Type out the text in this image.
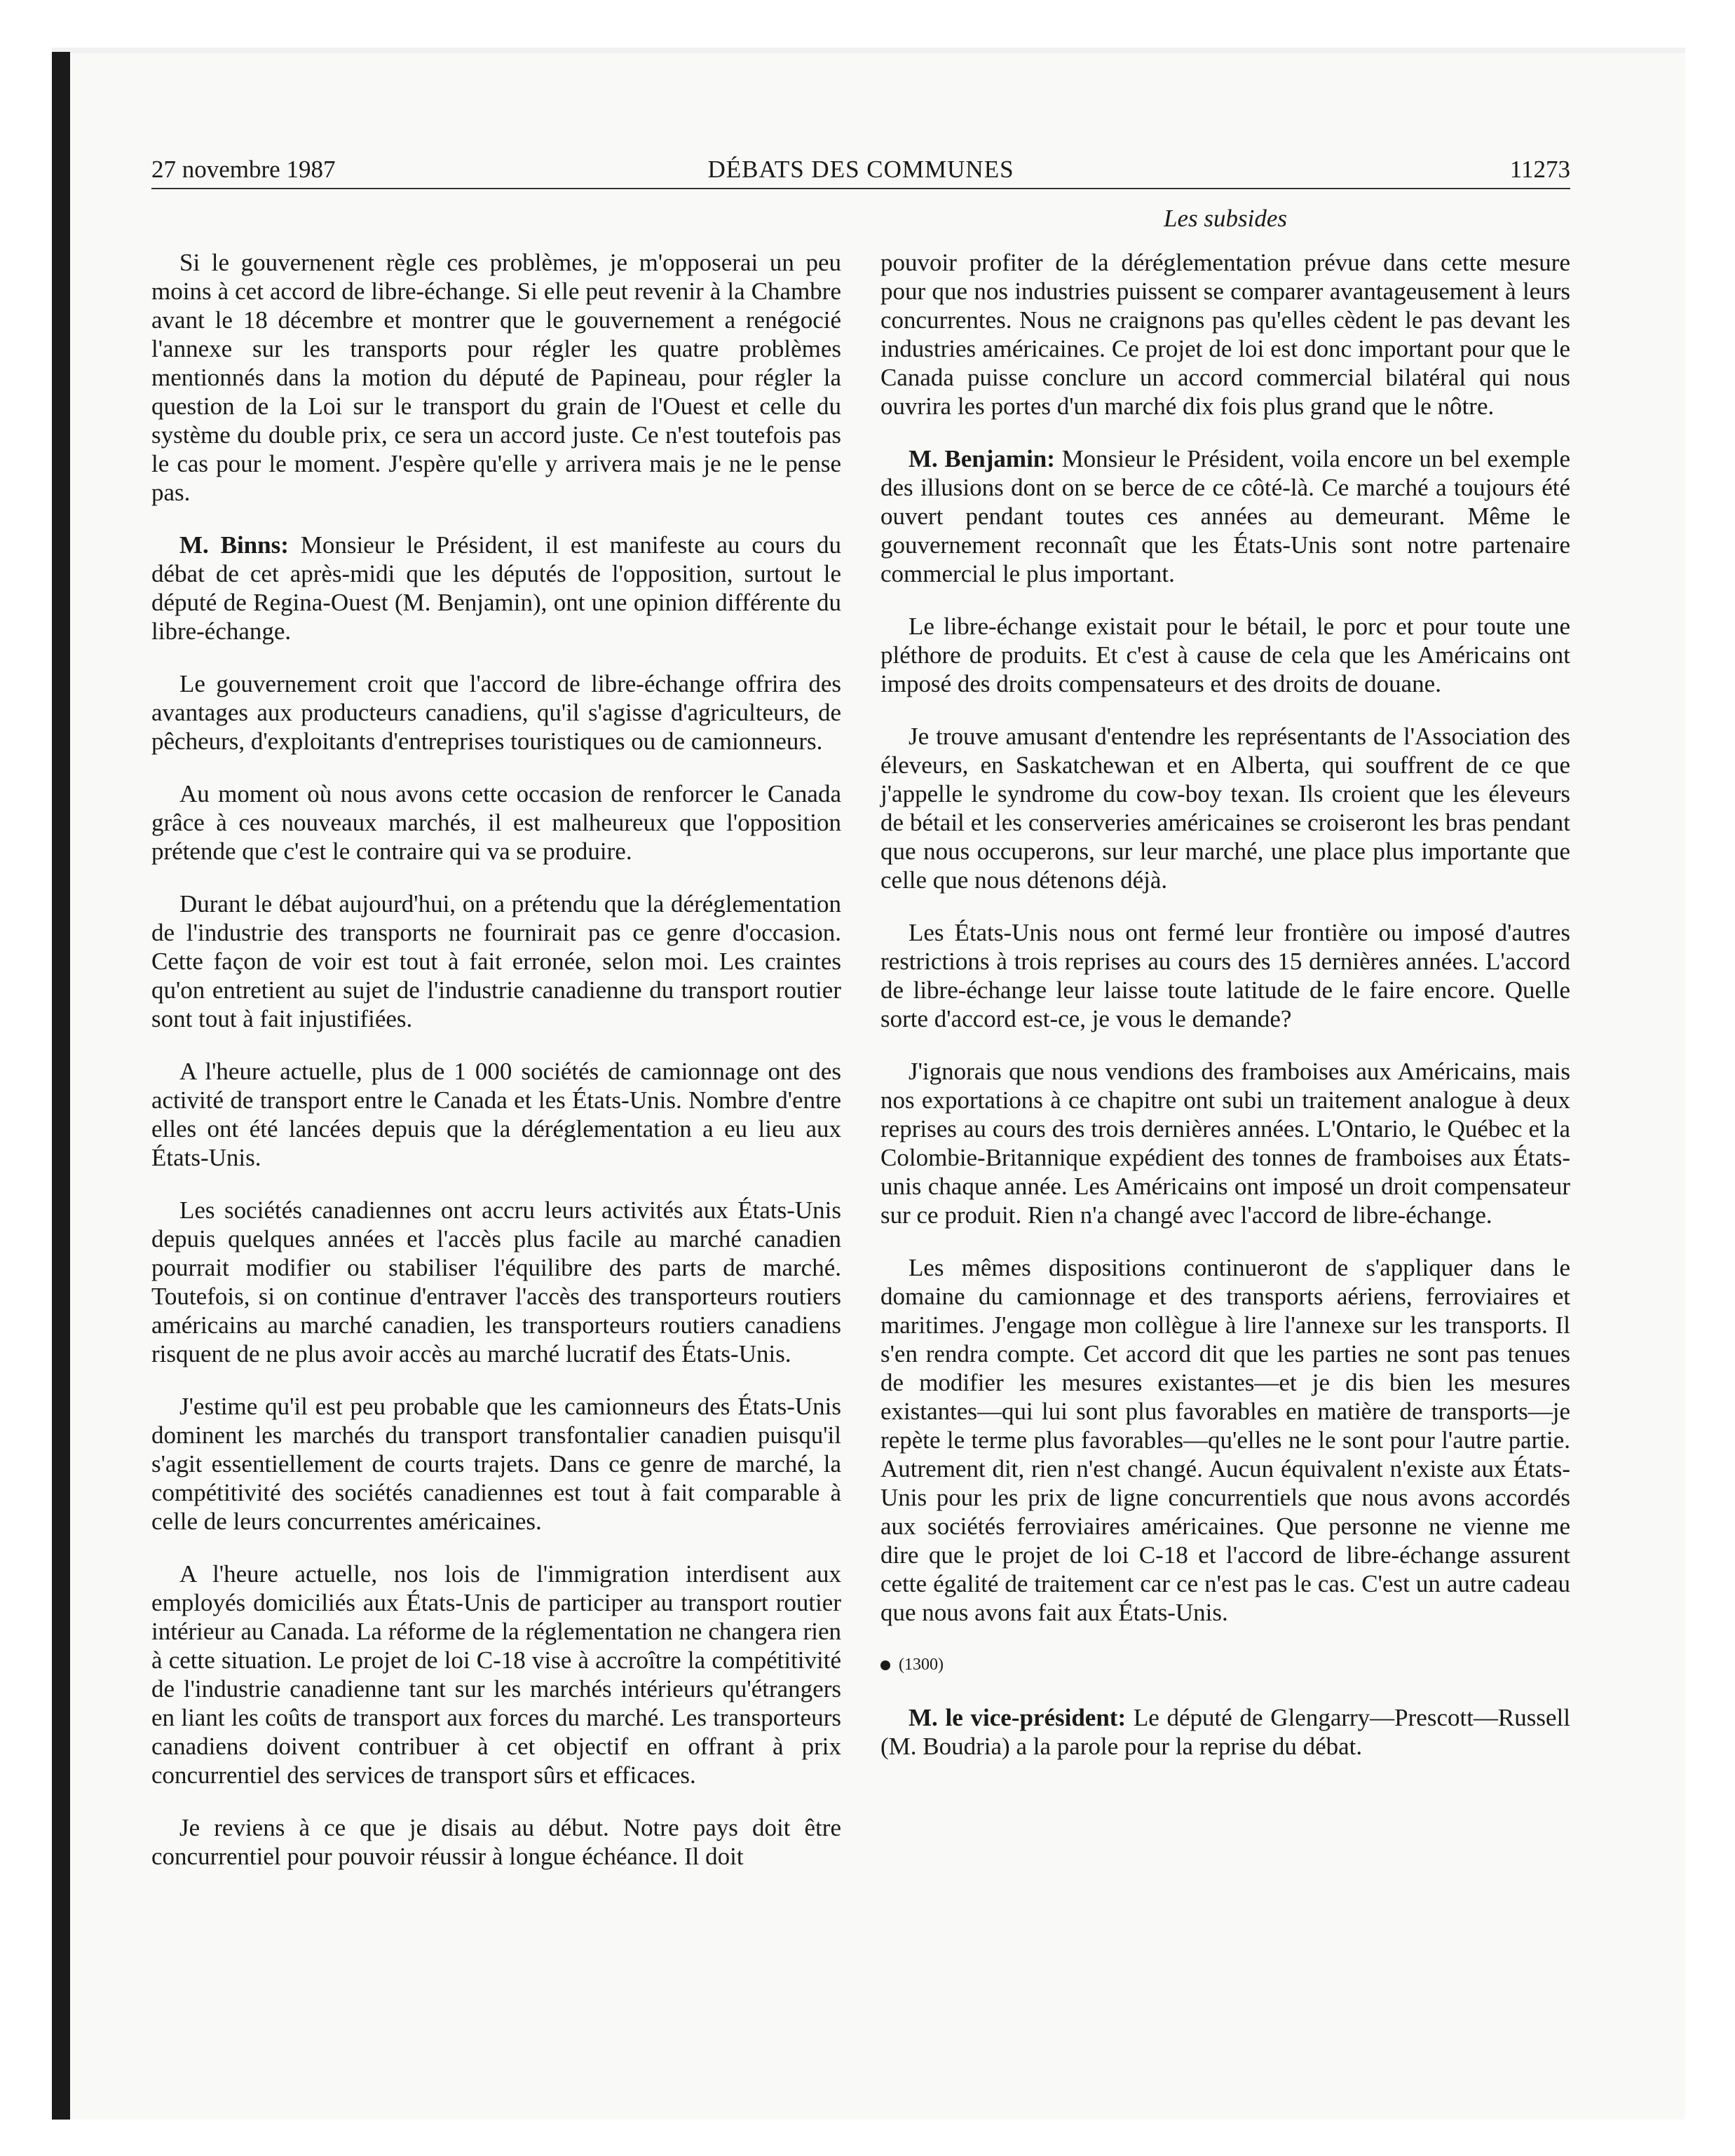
27 novembre 1987	DÉBATS DES COMMUNES	11273
Les subsides

Si le gouvernenent règle ces problèmes, je m'opposerai un peu moins à cet accord de libre-échange. Si elle peut revenir à la Chambre avant le 18 décembre et montrer que le gouvernement a renégocié l'annexe sur les transports pour régler les quatre problèmes mentionnés dans la motion du député de Papineau, pour régler la question de la Loi sur le transport du grain de l'Ouest et celle du système du double prix, ce sera un accord juste. Ce n'est toutefois pas le cas pour le moment. J'espère qu'elle y arrivera mais je ne le pense pas.

M. Binns: Monsieur le Président, il est manifeste au cours du débat de cet après-midi que les députés de l'opposition, surtout le député de Regina-Ouest (M. Benjamin), ont une opinion différente du libre-échange.

Le gouvernement croit que l'accord de libre-échange offrira des avantages aux producteurs canadiens, qu'il s'agisse d'agriculteurs, de pêcheurs, d'exploitants d'entreprises touristiques ou de camionneurs.

Au moment où nous avons cette occasion de renforcer le Canada grâce à ces nouveaux marchés, il est malheureux que l'opposition prétende que c'est le contraire qui va se produire.

Durant le débat aujourd'hui, on a prétendu que la déréglementation de l'industrie des transports ne fournirait pas ce genre d'occasion. Cette façon de voir est tout à fait erronée, selon moi. Les craintes qu'on entretient au sujet de l'industrie canadienne du transport routier sont tout à fait injustifiées.

A l'heure actuelle, plus de 1 000 sociétés de camionnage ont des activité de transport entre le Canada et les États-Unis. Nombre d'entre elles ont été lancées depuis que la déréglementation a eu lieu aux États-Unis.

Les sociétés canadiennes ont accru leurs activités aux États-Unis depuis quelques années et l'accès plus facile au marché canadien pourrait modifier ou stabiliser l'équilibre des parts de marché. Toutefois, si on continue d'entraver l'accès des transporteurs routiers américains au marché canadien, les transporteurs routiers canadiens risquent de ne plus avoir accès au marché lucratif des États-Unis.

J'estime qu'il est peu probable que les camionneurs des États-Unis dominent les marchés du transport transfontalier canadien puisqu'il s'agit essentiellement de courts trajets. Dans ce genre de marché, la compétitivité des sociétés canadiennes est tout à fait comparable à celle de leurs concurrentes américaines.

A l'heure actuelle, nos lois de l'immigration interdisent aux employés domiciliés aux États-Unis de participer au transport routier intérieur au Canada. La réforme de la réglementation ne changera rien à cette situation. Le projet de loi C-18 vise à accroître la compétitivité de l'industrie canadienne tant sur les marchés intérieurs qu'étrangers en liant les coûts de transport aux forces du marché. Les transporteurs canadiens doivent contribuer à cet objectif en offrant à prix concurrentiel des services de transport sûrs et efficaces.

Je reviens à ce que je disais au début. Notre pays doit être concurrentiel pour pouvoir réussir à longue échéance. Il doit

pouvoir profiter de la déréglementation prévue dans cette mesure pour que nos industries puissent se comparer avantageusement à leurs concurrentes. Nous ne craignons pas qu'elles cèdent le pas devant les industries américaines. Ce projet de loi est donc important pour que le Canada puisse conclure un accord commercial bilatéral qui nous ouvrira les portes d'un marché dix fois plus grand que le nôtre.

M. Benjamin: Monsieur le Président, voila encore un bel exemple des illusions dont on se berce de ce côté-là. Ce marché a toujours été ouvert pendant toutes ces années au demeurant. Même le gouvernement reconnaît que les États-Unis sont notre partenaire commercial le plus important.

Le libre-échange existait pour le bétail, le porc et pour toute une pléthore de produits. Et c'est à cause de cela que les Américains ont imposé des droits compensateurs et des droits de douane.

Je trouve amusant d'entendre les représentants de l'Association des éleveurs, en Saskatchewan et en Alberta, qui souffrent de ce que j'appelle le syndrome du cow-boy texan. Ils croient que les éleveurs de bétail et les conserveries américaines se croiseront les bras pendant que nous occuperons, sur leur marché, une place plus importante que celle que nous détenons déjà.

Les États-Unis nous ont fermé leur frontière ou imposé d'autres restrictions à trois reprises au cours des 15 dernières années. L'accord de libre-échange leur laisse toute latitude de le faire encore. Quelle sorte d'accord est-ce, je vous le demande?

J'ignorais que nous vendions des framboises aux Américains, mais nos exportations à ce chapitre ont subi un traitement analogue à deux reprises au cours des trois dernières années. L'Ontario, le Québec et la Colombie-Britannique expédient des tonnes de framboises aux États-unis chaque année. Les Américains ont imposé un droit compensateur sur ce produit. Rien n'a changé avec l'accord de libre-échange.

Les mêmes dispositions continueront de s'appliquer dans le domaine du camionnage et des transports aériens, ferroviaires et maritimes. J'engage mon collègue à lire l'annexe sur les transports. Il s'en rendra compte. Cet accord dit que les parties ne sont pas tenues de modifier les mesures existantes—et je dis bien les mesures existantes—qui lui sont plus favorables en matière de transports—je repète le terme plus favorables—qu'elles ne le sont pour l'autre partie. Autrement dit, rien n'est changé. Aucun équivalent n'existe aux États-Unis pour les prix de ligne concurrentiels que nous avons accordés aux sociétés ferroviaires américaines. Que personne ne vienne me dire que le projet de loi C-18 et l'accord de libre-échange assurent cette égalité de traitement car ce n'est pas le cas. C'est un autre cadeau que nous avons fait aux États-Unis.

(1300)

M. le vice-président: Le député de Glengarry—Prescott—Russell (M. Boudria) a la parole pour la reprise du débat.
